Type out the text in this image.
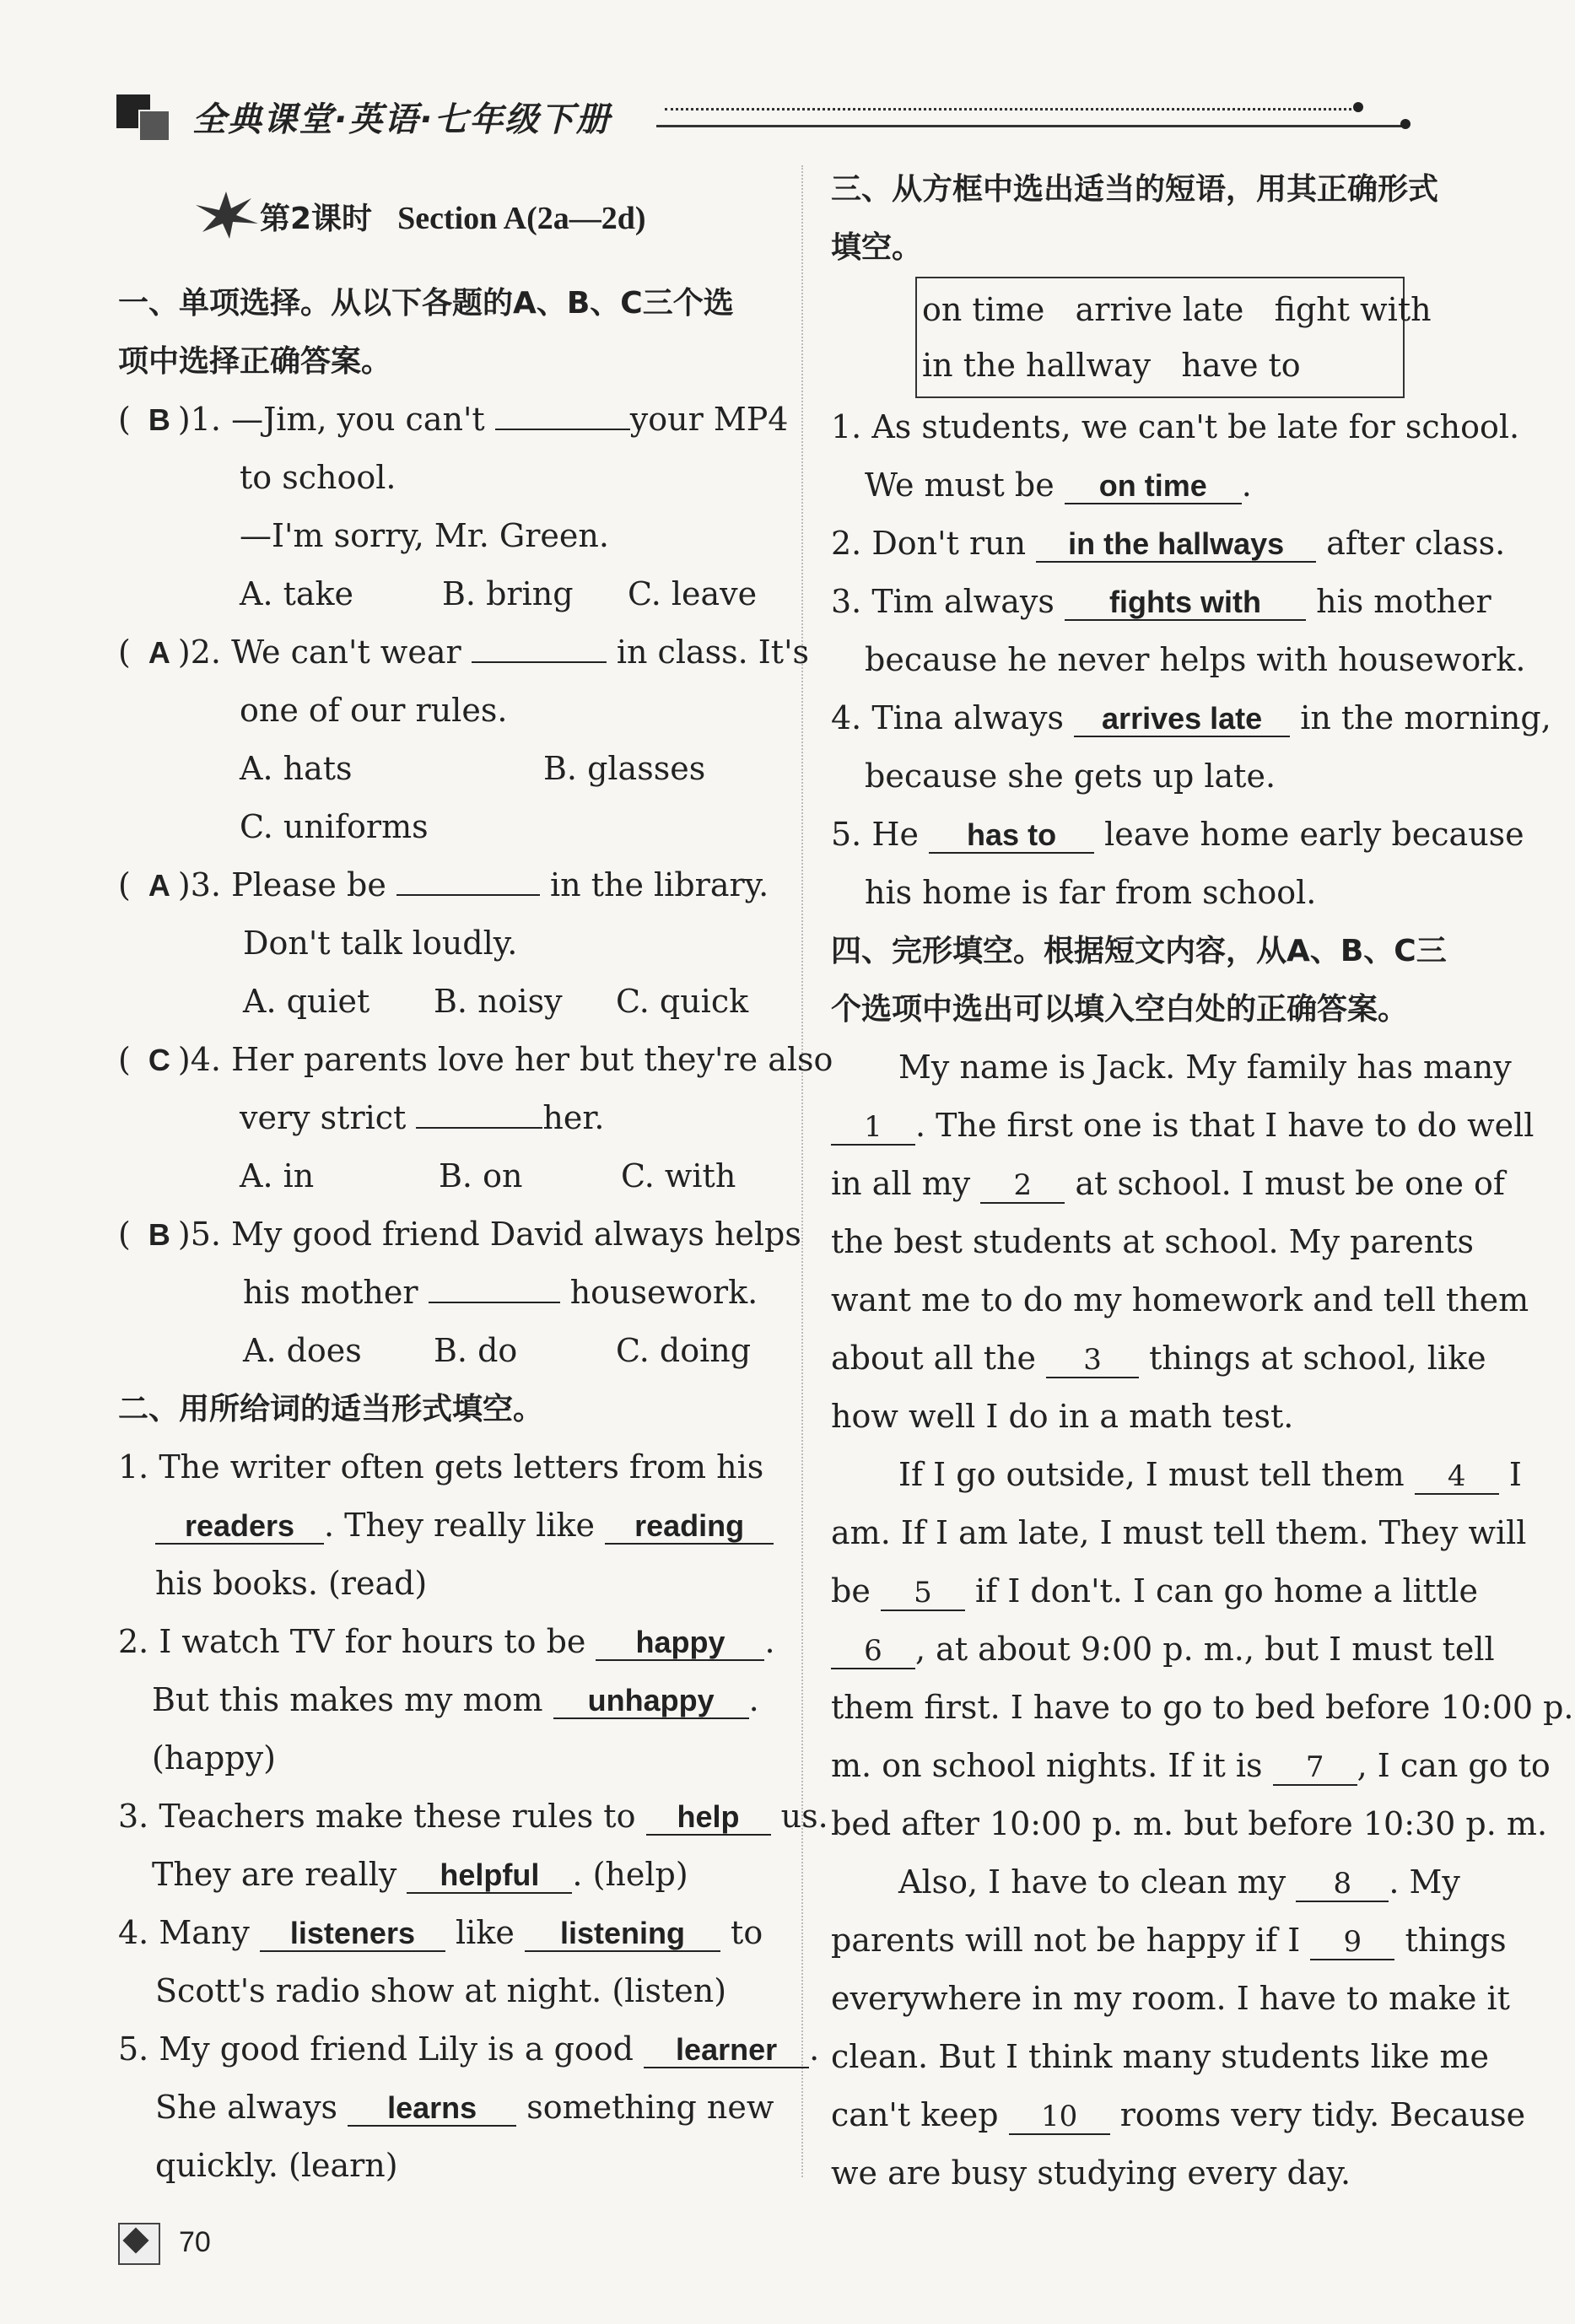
全典课堂·英语·七年级下册
第2课时 Section A(2a—2d)
一、单项选择。从以下各题的A、B、C三个选
项中选择正确答案。
( B )1. —Jim, you can't	your MP4
to school.
—I'm sorry, Mr. Green.
A. take	B. bring C. leave
( A )2. We can't wear	in class. It's
one of our rules.
A. hats	B. glasses
C. uniforms
( A )3. Please be	in the library.
Don't talk loudly.
A. quiet B. noisy C. quick
( C )4. Her parents love her but they're also
very strict	her.
A. in	B. on	C. with
( B )5. My good friend David always helps
his mother	housework.
A. does B. do	C. doing
二、用所给词的适当形式填空。
1. The writer often gets letters from his
readers . They really like reading
his books. (read)
2. I watch TV for hours to be happy .
But this makes my mom unhappy .
(happy)
3. Teachers make these rules to help us.
They are really helpful . (help)
4. Many listeners like listening to
Scott's radio show at night. (listen)
5. My good friend Lily is a good learner .
She always learns something new
quickly. (learn)
三、从方框中选出适当的短语，用其正确形式
填空。
on time arrive late fight with
in the hallway have to
1. As students, we can't be late for school.
We must be on time .
2. Don't run in the hallways after class.
3. Tim always fights with his mother
because he never helps with housework.
4. Tina always arrives late in the morning,
because she gets up late.
5. He has to leave home early because
his home is far from school.
四、完形填空。根据短文内容，从A、B、C三
个选项中选出可以填入空白处的正确答案。
My name is Jack. My family has many
1 . The first one is that I have to do well
in all my 2 at school. I must be one of
the best students at school. My parents
want me to do my homework and tell them
about all the 3 things at school, like
how well I do in a math test.
If I go outside, I must tell them 4 I
am. If I am late, I must tell them. They will
be 5 if I don't. I can go home a little
6 , at about 9:00 p. m., but I must tell
them first. I have to go to bed before 10:00 p.
m. on school nights. If it is 7 , I can go to
bed after 10:00 p. m. but before 10:30 p. m.
Also, I have to clean my 8 . My
parents will not be happy if I 9 things
everywhere in my room. I have to make it
clean. But I think many students like me
can't keep 10 rooms very tidy. Because
we are busy studying every day.
70
